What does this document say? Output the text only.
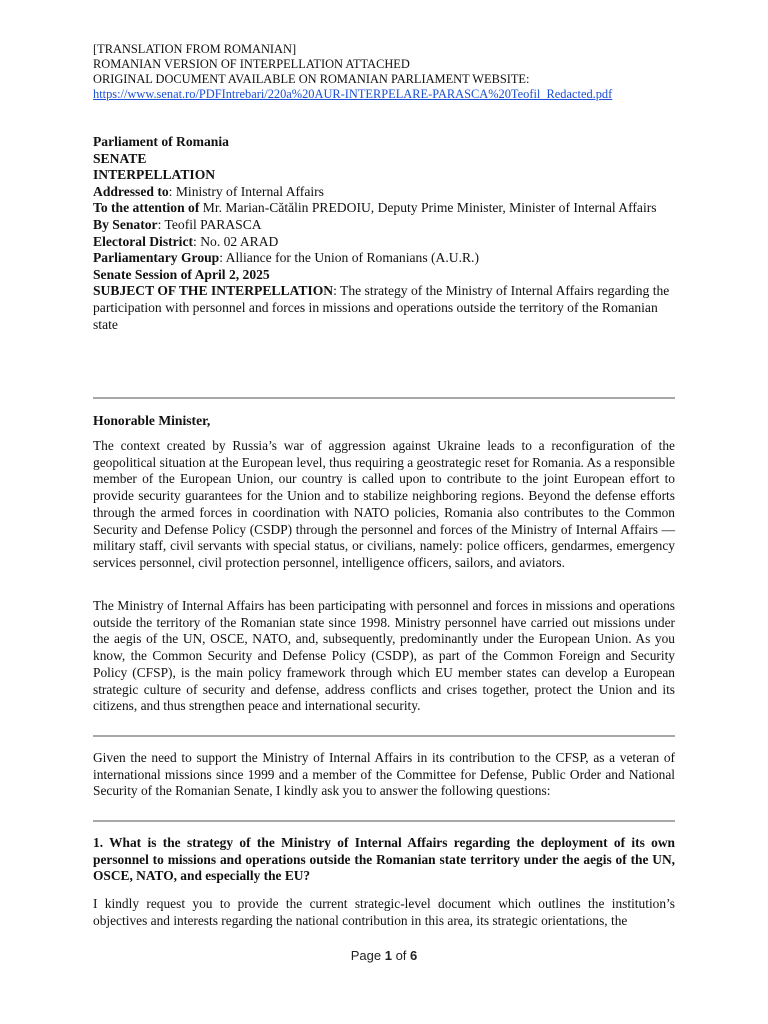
[TRANSLATION FROM ROMANIAN]
ROMANIAN VERSION OF INTERPELLATION ATTACHED
ORIGINAL DOCUMENT AVAILABLE ON ROMANIAN PARLIAMENT WEBSITE:
https://www.senat.ro/PDFIntrebari/220a%20AUR-INTERPELARE-PARASCA%20Teofil_Redacted.pdf
Parliament of Romania
SENATE
INTERPELLATION
Addressed to: Ministry of Internal Affairs
To the attention of Mr. Marian-Cătălin PREDOIU, Deputy Prime Minister, Minister of Internal Affairs
By Senator: Teofil PARASCA
Electoral District: No. 02 ARAD
Parliamentary Group: Alliance for the Union of Romanians (A.U.R.)
Senate Session of April 2, 2025
SUBJECT OF THE INTERPELLATION: The strategy of the Ministry of Internal Affairs regarding the participation with personnel and forces in missions and operations outside the territory of the Romanian state
Honorable Minister,
The context created by Russia’s war of aggression against Ukraine leads to a reconfiguration of the geopolitical situation at the European level, thus requiring a geostrategic reset for Romania. As a responsible member of the European Union, our country is called upon to contribute to the joint European effort to provide security guarantees for the Union and to stabilize neighboring regions. Beyond the defense efforts through the armed forces in coordination with NATO policies, Romania also contributes to the Common Security and Defense Policy (CSDP) through the personnel and forces of the Ministry of Internal Affairs — military staff, civil servants with special status, or civilians, namely: police officers, gendarmes, emergency services personnel, civil protection personnel, intelligence officers, sailors, and aviators.
The Ministry of Internal Affairs has been participating with personnel and forces in missions and operations outside the territory of the Romanian state since 1998. Ministry personnel have carried out missions under the aegis of the UN, OSCE, NATO, and, subsequently, predominantly under the European Union. As you know, the Common Security and Defense Policy (CSDP), as part of the Common Foreign and Security Policy (CFSP), is the main policy framework through which EU member states can develop a European strategic culture of security and defense, address conflicts and crises together, protect the Union and its citizens, and thus strengthen peace and international security.
Given the need to support the Ministry of Internal Affairs in its contribution to the CFSP, as a veteran of international missions since 1999 and a member of the Committee for Defense, Public Order and National Security of the Romanian Senate, I kindly ask you to answer the following questions:
1. What is the strategy of the Ministry of Internal Affairs regarding the deployment of its own personnel to missions and operations outside the Romanian state territory under the aegis of the UN, OSCE, NATO, and especially the EU?
I kindly request you to provide the current strategic-level document which outlines the institution’s objectives and interests regarding the national contribution in this area, its strategic orientations, the
Page 1 of 6
